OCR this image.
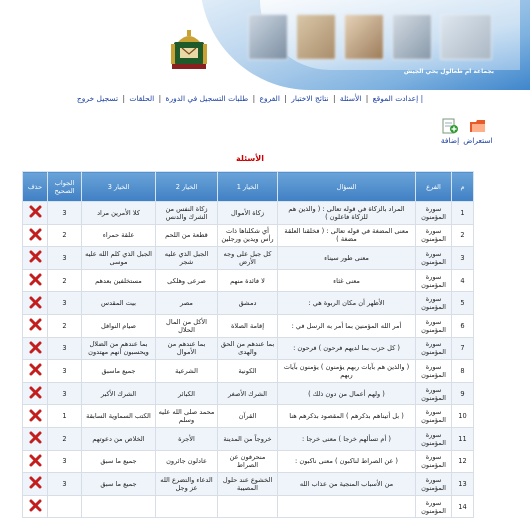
بجماعة ام طعالول يحي الجيش
| إعدادت الموقع | الأسئلة | نتائج الاختبار | الفروع | طلبات التسجيل في الدورة | الحلقات | تسجيل خروج
استعراض
إضافة
الأسئلة
م	الفرع	السؤال	الخيار 1	الخيار 2	الخيار 3	الجواب الصحيح	حذف
1	سورة المؤمنون	المراد بالزكاة في قوله تعالى : ( والذين هم للزكاة فاعلون )	زكاة الأموال	زكاة النفس من الشرك والدنس	كلا الأمرين مراد	3	
2	سورة المؤمنون	معنى المضغة في قوله تعالى : ( فخلقنا العلقة مضغة )	أي شكلناها ذات رأس ويدين ورجلين	قطعة من اللحم	علقة حمراء	2	
3	سورة المؤمنون	معنى طور سيناء	كل جبل على وجه الأرض	الجبل الذي عليه شجر	الجبل الذي كلم الله عليه موسى	3	
4	سورة المؤمنون	معنى غثاء	لا فائدة منهم	صرعى وهلكى	مستخلفين بعدهم	2	
5	سورة المؤمنون	الأظهر أن مكان الربوة هي :	دمشق	مصر	بيت المقدس	3	
6	سورة المؤمنون	أمر الله المؤمنين بما أمر به الرسل في :	إقامة الصلاة	الأكل من المال الحلال	صيام النوافل	2	
7	سورة المؤمنون	( كل حزب بما لديهم فرحون ) فرحون :	بما عندهم من الحق والهدى	بما عندهم من الأموال	بما عندهم من الضلال ويحسبون أنهم مهتدون	3	
8	سورة المؤمنون	( والذين هم بآيات ربهم يؤمنون ) يؤمنون بآيات ربهم	الكونية	الشرعية	جميع ماسبق	3	
9	سورة المؤمنون	( ولهم أعمال من دون ذلك )	الشرك الأصغر	الكبائر	الشرك الأكبر	3	
10	سورة المؤمنون	( بل أتيناهم بذكرهم ) المقصود بذكرهم هنا	القرآن	محمد صلى الله عليه وسلم	الكتب السماوية السابقة	1	
11	سورة المؤمنون	( أم تسألهم خرجا ) معنى خرجا :	خروجاً من المدينة	الأجرة	الخلاص من دعوتهم	2	
12	سورة المؤمنون	( عن الصراط لناكبون ) معنى ناكبون :	منحرفون عن الصراط	عادلون جائرون	جميع ما سبق	3	
13	سورة المؤمنون	من الأسباب المنجية من عذاب الله	الخشوع عند حلول المصيبة	الدعاء والتضرع الله عز وجل	جميع ما سبق	3	
14	سورة المؤمنون						
